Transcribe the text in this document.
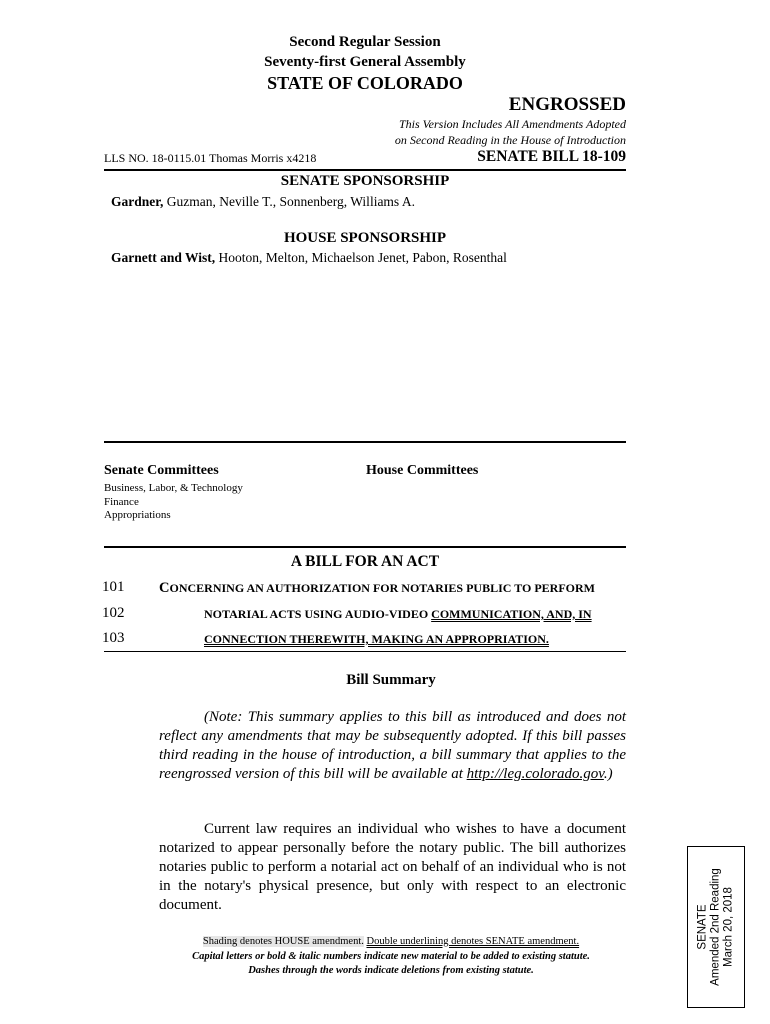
Second Regular Session
Seventy-first General Assembly
STATE OF COLORADO
ENGROSSED
This Version Includes All Amendments Adopted
on Second Reading in the House of Introduction
LLS NO. 18-0115.01 Thomas Morris x4218	SENATE BILL 18-109
SENATE SPONSORSHIP
Gardner, Guzman, Neville T., Sonnenberg, Williams A.
HOUSE SPONSORSHIP
Garnett and Wist, Hooton, Melton, Michaelson Jenet, Pabon, Rosenthal
Senate Committees
Business, Labor, & Technology
Finance
Appropriations
House Committees
A BILL FOR AN ACT
101 CONCERNING AN AUTHORIZATION FOR NOTARIES PUBLIC TO PERFORM
102	NOTARIAL ACTS USING AUDIO-VIDEO COMMUNICATION, AND, IN
103	CONNECTION THEREWITH, MAKING AN APPROPRIATION.
Bill Summary
(Note: This summary applies to this bill as introduced and does not reflect any amendments that may be subsequently adopted. If this bill passes third reading in the house of introduction, a bill summary that applies to the reengrossed version of this bill will be available at http://leg.colorado.gov.)
Current law requires an individual who wishes to have a document notarized to appear personally before the notary public. The bill authorizes notaries public to perform a notarial act on behalf of an individual who is not in the notary's physical presence, but only with respect to an electronic document.
Shading denotes HOUSE amendment. Double underlining denotes SENATE amendment.
Capital letters or bold & italic numbers indicate new material to be added to existing statute.
Dashes through the words indicate deletions from existing statute.
SENATE Amended 2nd Reading March 20, 2018
